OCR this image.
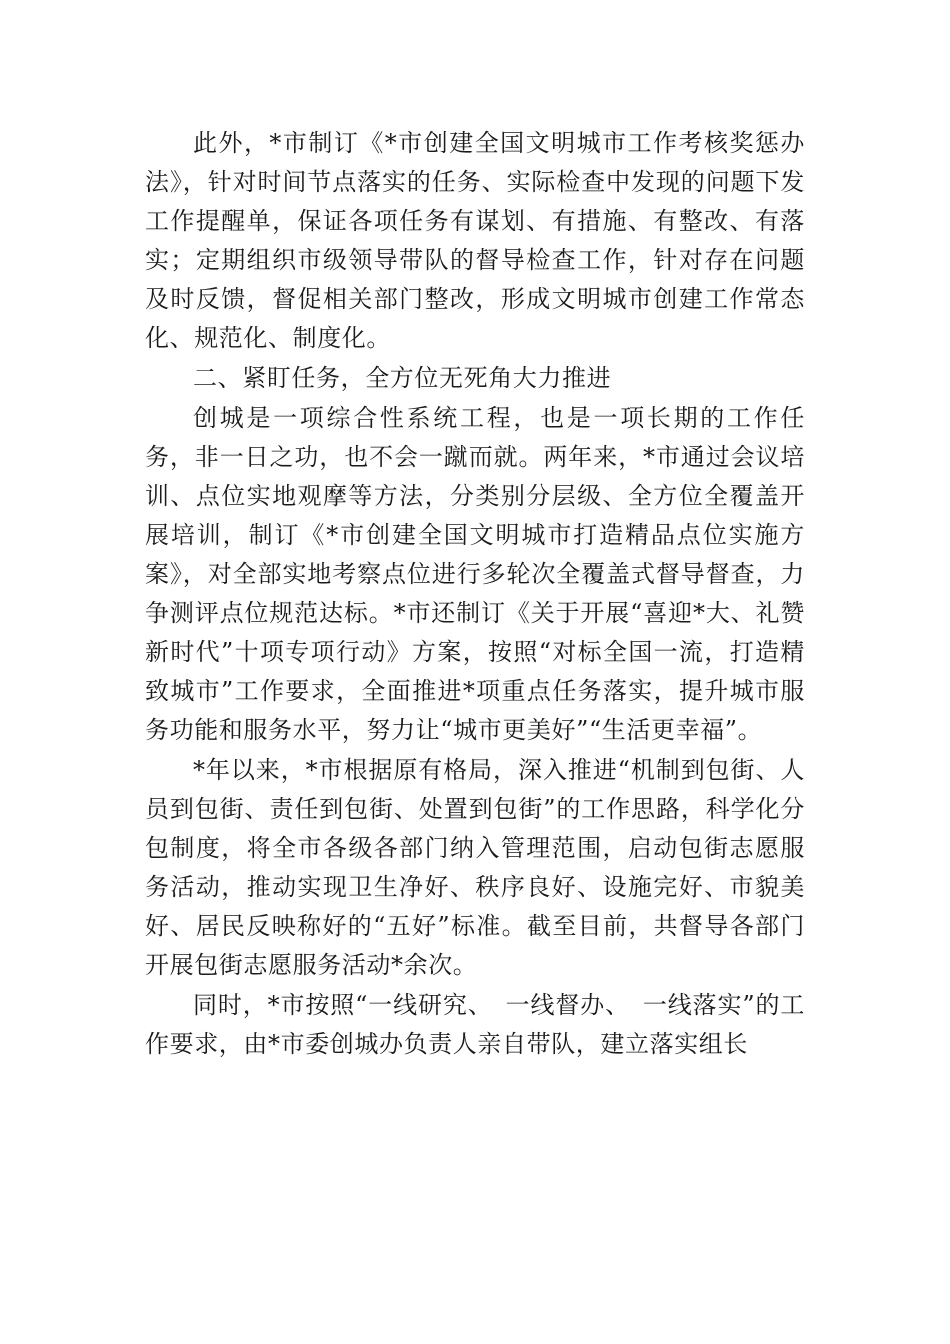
此外，*市制订《*市创建全国文明城市工作考核奖惩办法》，针对时间节点落实的任务、实际检查中发现的问题下发工作提醒单，保证各项任务有谋划、有措施、有整改、有落实；定期组织市级领导带队的督导检查工作，针对存在问题及时反馈，督促相关部门整改，形成文明城市创建工作常态化、规范化、制度化。

二、紧盯任务，全方位无死角大力推进

创城是一项综合性系统工程，也是一项长期的工作任务，非一日之功，也不会一蹴而就。两年来，*市通过会议培训、点位实地观摩等方法，分类别分层级、全方位全覆盖开展培训，制订《*市创建全国文明城市打造精品点位实施方案》，对全部实地考察点位进行多轮次全覆盖式督导督查，力争测评点位规范达标。*市还制订《关于开展“喜迎*大、礼赞新时代”十项专项行动》方案，按照“对标全国一流，打造精致城市”工作要求，全面推进*项重点任务落实，提升城市服务功能和服务水平，努力让“城市更美好”“生活更幸福”。

*年以来，*市根据原有格局，深入推进“机制到包街、人员到包街、责任到包街、处置到包街”的工作思路，科学化分包制度，将全市各级各部门纳入管理范围，启动包街志愿服务活动，推动实现卫生净好、秩序良好、设施完好、市貌美好、居民反映称好的“五好”标准。截至目前，共督导各部门开展包街志愿服务活动*余次。

同时，*市按照“一线研究、　一线督办、　一线落实”的工作要求，由*市委创城办负责人亲自带队，建立落实组长
